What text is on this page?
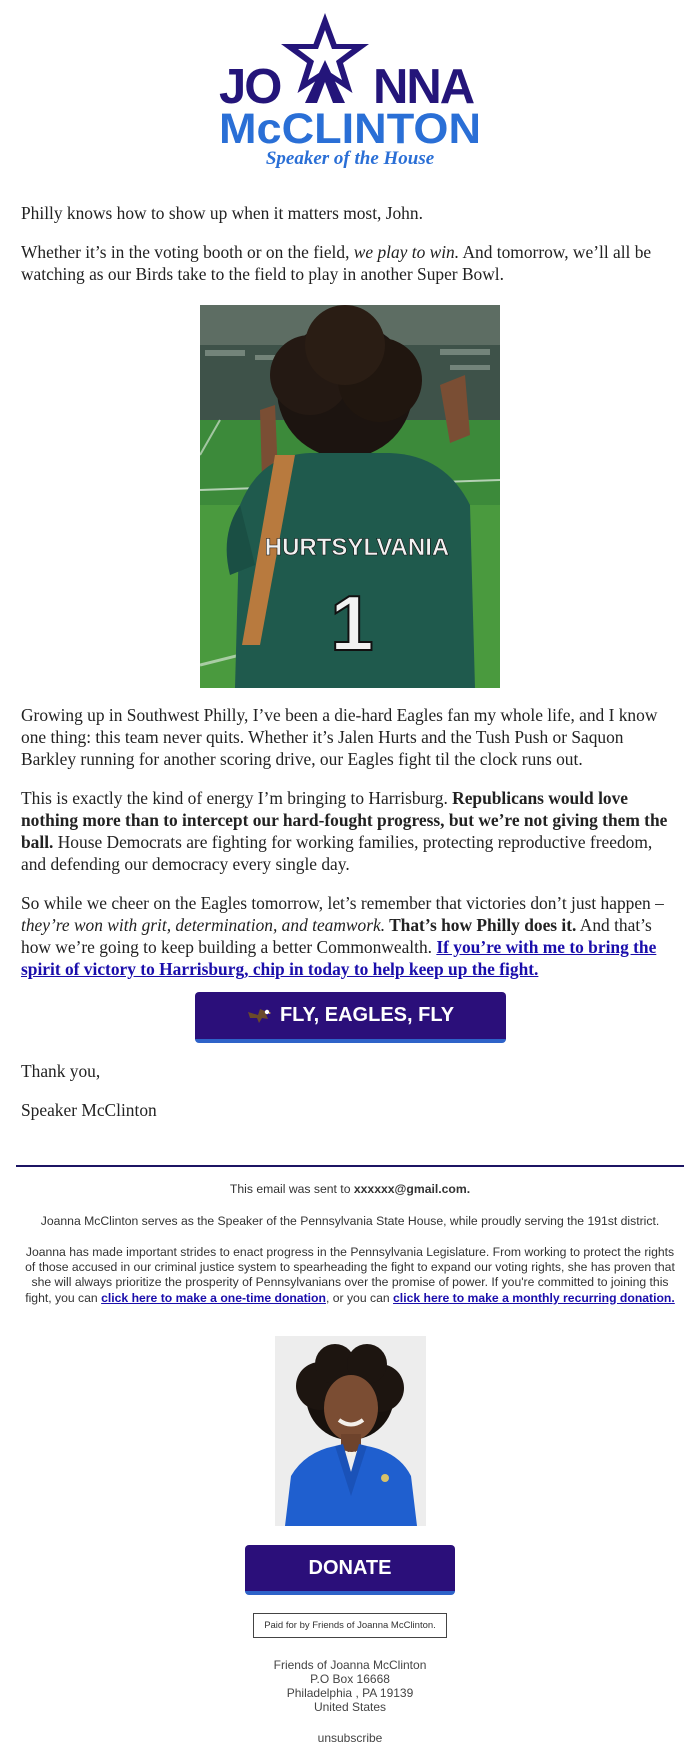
JO NNA
McCLINTON
Speaker of the House

Philly knows how to show up when it matters most, John.

Whether it’s in the voting booth or on the field, we play to win. And tomorrow, we’ll all be watching as our Birds take to the field to play in another Super Bowl.

HURTSYLVANIA
1

Growing up in Southwest Philly, I’ve been a die-hard Eagles fan my whole life, and I know one thing: this team never quits. Whether it’s Jalen Hurts and the Tush Push or Saquon Barkley running for another scoring drive, our Eagles fight til the clock runs out.

This is exactly the kind of energy I’m bringing to Harrisburg. Republicans would love nothing more than to intercept our hard-fought progress, but we’re not giving them the ball. House Democrats are fighting for working families, protecting reproductive freedom, and defending our democracy every single day.

So while we cheer on the Eagles tomorrow, let’s remember that victories don’t just happen – they’re won with grit, determination, and teamwork. That’s how Philly does it. And that’s how we’re going to keep building a better Commonwealth. If you’re with me to bring the spirit of victory to Harrisburg, chip in today to help keep up the fight.

FLY, EAGLES, FLY

Thank you,

Speaker McClinton

This email was sent to xxxxxx@gmail.com.
Joanna McClinton serves as the Speaker of the Pennsylvania State House, while proudly serving the 191st district.
Joanna has made important strides to enact progress in the Pennsylvania Legislature. From working to protect the rights of those accused in our criminal justice system to spearheading the fight to expand our voting rights, she has proven that she will always prioritize the prosperity of Pennsylvanians over the promise of power. If you're committed to joining this fight, you can click here to make a one-time donation, or you can click here to make a monthly recurring donation.
DONATE
Paid for by Friends of Joanna McClinton.
Friends of Joanna McClinton
P.O Box 16668
Philadelphia , PA 19139
United States
unsubscribe
